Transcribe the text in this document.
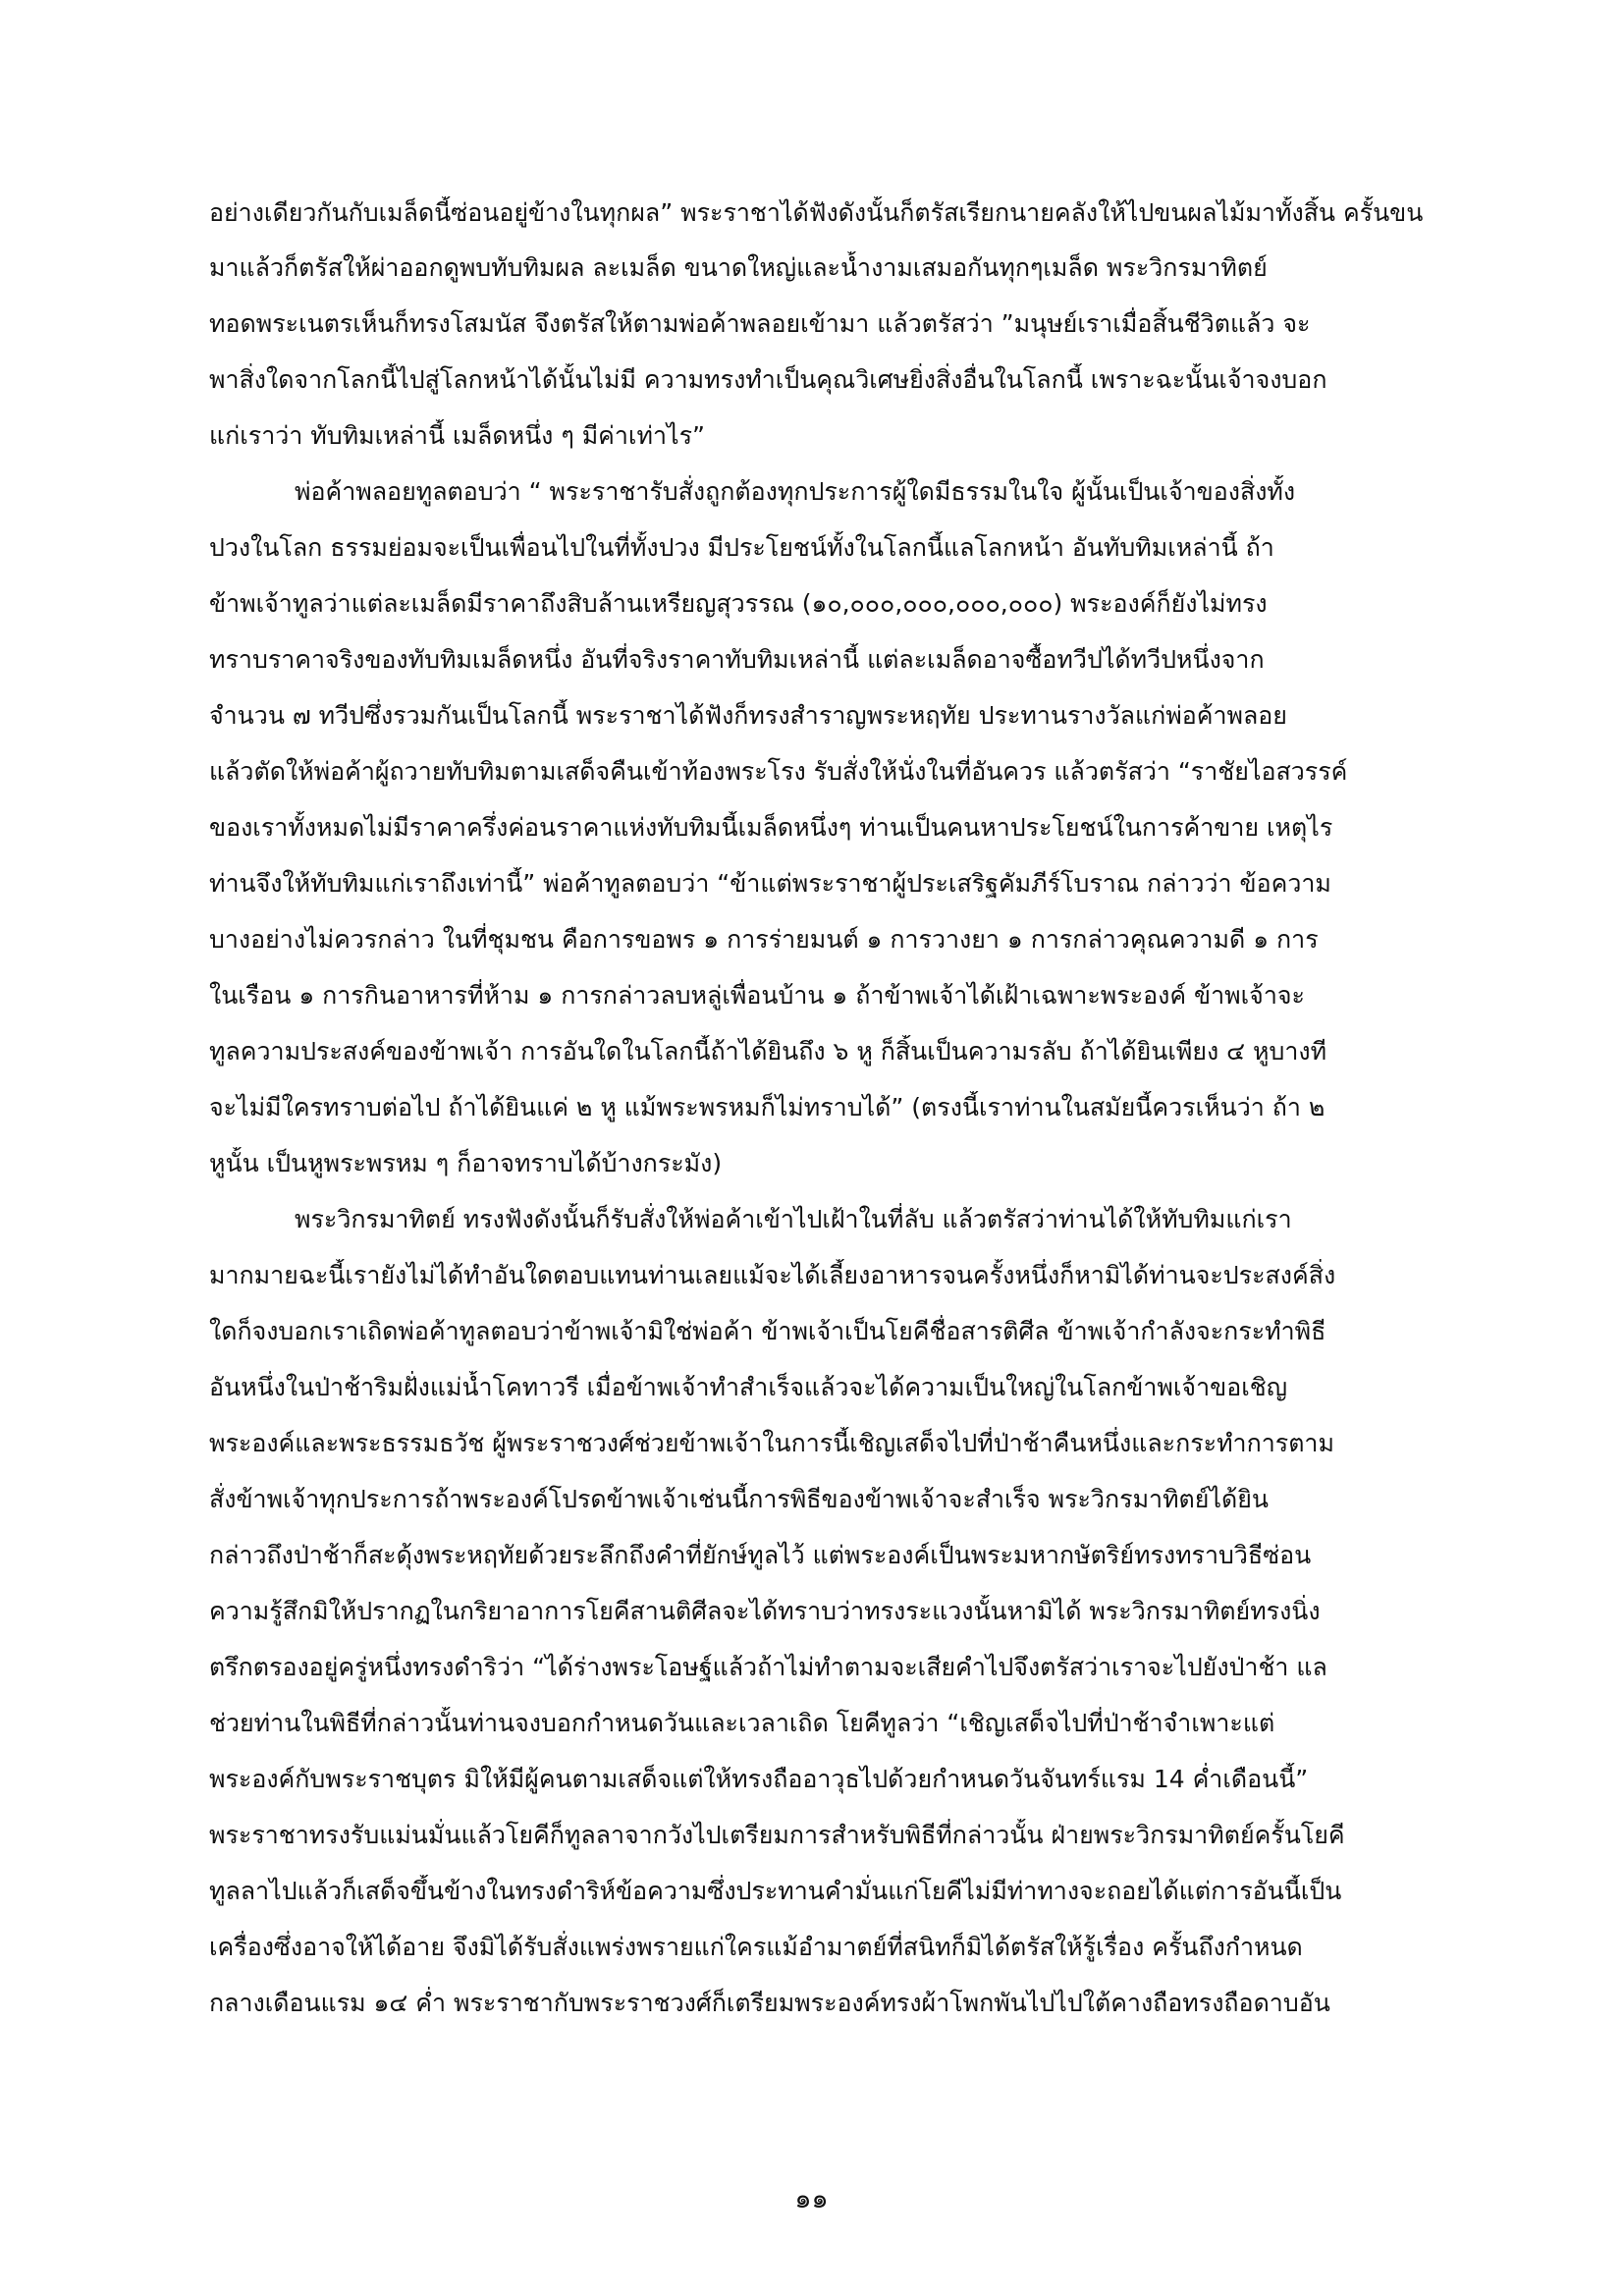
อย่างเดียวกันกับเมล็ดนี้ซ่อนอยู่ข้างในทุกผล” พระราชาได้ฟังดังนั้นก็ตรัสเรียกนายคลังให้ไปขนผลไม้มาทั้งสิ้น ครั้นขน
มาแล้วก็ตรัสให้ผ่าออกดูพบทับทิมผล ละเมล็ด ขนาดใหญ่และน้ำงามเสมอกันทุกๆเมล็ด พระวิกรมาทิตย์
ทอดพระเนตรเห็นก็ทรงโสมนัส จึงตรัสให้ตามพ่อค้าพลอยเข้ามา แล้วตรัสว่า ”มนุษย์เราเมื่อสิ้นชีวิตแล้ว จะ
พาสิ่งใดจากโลกนี้ไปสู่โลกหน้าได้นั้นไม่มี ความทรงทำเป็นคุณวิเศษยิ่งสิ่งอื่นในโลกนี้ เพราะฉะนั้นเจ้าจงบอก
แก่เราว่า ทับทิมเหล่านี้ เมล็ดหนึ่ง ๆ มีค่าเท่าไร”
พ่อค้าพลอยทูลตอบว่า “ พระราชารับสั่งถูกต้องทุกประการผู้ใดมีธรรมในใจ ผู้นั้นเป็นเจ้าของสิ่งทั้ง
ปวงในโลก ธรรมย่อมจะเป็นเพื่อนไปในที่ทั้งปวง มีประโยชน์ทั้งในโลกนี้แลโลกหน้า อันทับทิมเหล่านี้ ถ้า
ข้าพเจ้าทูลว่าแต่ละเมล็ดมีราคาถึงสิบล้านเหรียญสุวรรณ (๑๐,๐๐๐,๐๐๐,๐๐๐,๐๐๐) พระองค์ก็ยังไม่ทรง
ทราบราคาจริงของทับทิมเมล็ดหนึ่ง อันที่จริงราคาทับทิมเหล่านี้ แต่ละเมล็ดอาจซื้อทวีปได้ทวีปหนึ่งจาก
จำนวน ๗ ทวีปซึ่งรวมกันเป็นโลกนี้ พระราชาได้ฟังก็ทรงสำราญพระหฤทัย ประทานรางวัลแก่พ่อค้าพลอย
แล้วตัดให้พ่อค้าผู้ถวายทับทิมตามเสด็จคืนเข้าท้องพระโรง รับสั่งให้นั่งในที่อันควร แล้วตรัสว่า “ราชัยไอสวรรค์
ของเราทั้งหมดไม่มีราคาครึ่งค่อนราคาแห่งทับทิมนี้เมล็ดหนึ่งๆ ท่านเป็นคนหาประโยชน์ในการค้าขาย เหตุไร
ท่านจึงให้ทับทิมแก่เราถึงเท่านี้” พ่อค้าทูลตอบว่า “ข้าแต่พระราชาผู้ประเสริฐคัมภีร์โบราณ กล่าวว่า ข้อความ
บางอย่างไม่ควรกล่าว ในที่ชุมชน คือการขอพร ๑ การร่ายมนต์ ๑ การวางยา ๑ การกล่าวคุณความดี ๑ การ
ในเรือน ๑ การกินอาหารที่ห้าม ๑ การกล่าวลบหลู่เพื่อนบ้าน ๑ ถ้าข้าพเจ้าได้เฝ้าเฉพาะพระองค์ ข้าพเจ้าจะ
ทูลความประสงค์ของข้าพเจ้า การอันใดในโลกนี้ถ้าได้ยินถึง ๖ หู ก็สิ้นเป็นความรลับ ถ้าได้ยินเพียง ๔ หูบางที
จะไม่มีใครทราบต่อไป ถ้าได้ยินแค่ ๒ หู แม้พระพรหมก็ไม่ทราบได้” (ตรงนี้เราท่านในสมัยนี้ควรเห็นว่า ถ้า ๒
หูนั้น เป็นหูพระพรหม ๆ ก็อาจทราบได้บ้างกระมัง)
พระวิกรมาทิตย์ ทรงฟังดังนั้นก็รับสั่งให้พ่อค้าเข้าไปเฝ้าในที่ลับ แล้วตรัสว่าท่านได้ให้ทับทิมแก่เรา
มากมายฉะนี้เรายังไม่ได้ทำอันใดตอบแทนท่านเลยแม้จะได้เลี้ยงอาหารจนครั้งหนึ่งก็หามิได้ท่านจะประสงค์สิ่ง
ใดก็จงบอกเราเถิดพ่อค้าทูลตอบว่าข้าพเจ้ามิใช่พ่อค้า ข้าพเจ้าเป็นโยคีชื่อสารติศีล ข้าพเจ้ากำลังจะกระทำพิธี
อันหนึ่งในป่าช้าริมฝั่งแม่น้ำโคทาวรี เมื่อข้าพเจ้าทำสำเร็จแล้วจะได้ความเป็นใหญ่ในโลกข้าพเจ้าขอเชิญ
พระองค์และพระธรรมธวัช ผู้พระราชวงศ์ช่วยข้าพเจ้าในการนี้เชิญเสด็จไปที่ป่าช้าคืนหนึ่งและกระทำการตาม
สั่งข้าพเจ้าทุกประการถ้าพระองค์โปรดข้าพเจ้าเช่นนี้การพิธีของข้าพเจ้าจะสำเร็จ พระวิกรมาทิตย์ได้ยิน
กล่าวถึงป่าช้าก็สะดุ้งพระหฤทัยด้วยระลึกถึงคำที่ยักษ์ทูลไว้ แต่พระองค์เป็นพระมหากษัตริย์ทรงทราบวิธีซ่อน
ความรู้สึกมิให้ปรากฏในกริยาอาการโยคีสานติศีลจะได้ทราบว่าทรงระแวงนั้นหามิได้ พระวิกรมาทิตย์ทรงนิ่ง
ตรึกตรองอยู่ครู่หนึ่งทรงดำริว่า “ได้ร่างพระโอษฐ์แล้วถ้าไม่ทำตามจะเสียคำไปจึงตรัสว่าเราจะไปยังป่าช้า แล
ช่วยท่านในพิธีที่กล่าวนั้นท่านจงบอกกำหนดวันและเวลาเถิด โยคีทูลว่า “เชิญเสด็จไปที่ป่าช้าจำเพาะแต่
พระองค์กับพระราชบุตร มิให้มีผู้คนตามเสด็จแต่ให้ทรงถืออาวุธไปด้วยกำหนดวันจันทร์แรม 14 ค่ำเดือนนี้”
พระราชาทรงรับแม่นมั่นแล้วโยคีก็ทูลลาจากวังไปเตรียมการสำหรับพิธีที่กล่าวนั้น ฝ่ายพระวิกรมาทิตย์ครั้นโยคี
ทูลลาไปแล้วก็เสด็จขึ้นข้างในทรงดำริห์ข้อความซึ่งประทานคำมั่นแก่โยคีไม่มีท่าทางจะถอยได้แต่การอันนี้เป็น
เครื่องซึ่งอาจให้ได้อาย จึงมิได้รับสั่งแพร่งพรายแก่ใครแม้อำมาตย์ที่สนิทก็มิได้ตรัสให้รู้เรื่อง ครั้นถึงกำหนด
กลางเดือนแรม ๑๔ ค่ำ พระราชากับพระราชวงศ์ก็เตรียมพระองค์ทรงผ้าโพกพันไปไปใต้คางถือทรงถือดาบอัน
๑๑
